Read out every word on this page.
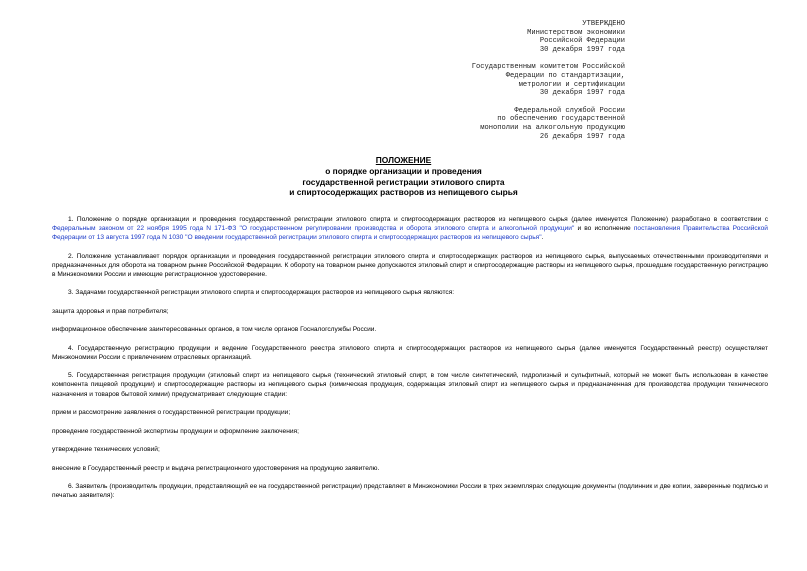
УТВЕРЖДЕНО
Министерством экономики
Российской Федерации
30 декабря 1997 года
Государственным комитетом Российской
Федерации по стандартизации,
метрологии и сертификации
30 декабря 1997 года
Федеральной службой России
по обеспечению государственной
монополии на алкогольную продукцию
26 декабря 1997 года
ПОЛОЖЕНИЕ
о порядке организации и проведения
государственной регистрации этилового спирта
и спиртосодержащих растворов из непищевого сырья

1. Положение о порядке организации и проведения государственной регистрации этилового спирта и спиртосодержащих растворов из непищевого сырья (далее именуется Положение) разработано в соответствии с Федеральным законом от 22 ноября 1995 года N 171-ФЗ "О государственном регулировании производства и оборота этилового спирта и алкогольной продукции" и во исполнение постановления Правительства Российской Федерации от 13 августа 1997 года N 1030 "О введении государственной регистрации этилового спирта и спиртосодержащих растворов из непищевого сырья".

2. Положение устанавливает порядок организации и проведения государственной регистрации этилового спирта и спиртосодержащих растворов из непищевого сырья, выпускаемых отечественными производителями и предназначенных для оборота на товарном рынке Российской Федерации. К обороту на товарном рынке допускаются этиловый спирт и спиртосодержащие растворы из непищевого сырья, прошедшие государственную регистрацию в Минэкономики России и имеющие регистрационное удостоверение.

3. Задачами государственной регистрации этилового спирта и спиртосодержащих растворов из непищевого сырья являются:

защита здоровья и прав потребителя;

информационное обеспечение заинтересованных органов, в том числе органов Госналогслужбы России.

4. Государственную регистрацию продукции и ведение Государственного реестра этилового спирта и спиртосодержащих растворов из непищевого сырья (далее именуется Государственный реестр) осуществляет Минэкономики России с привлечением отраслевых организаций.

5. Государственная регистрация продукции (этиловый спирт из непищевого сырья (технический этиловый спирт, в том числе синтетический, гидролизный и сульфитный, который не может быть использован в качестве компонента пищевой продукции) и спиртосодержащие растворы из непищевого сырья (химическая продукция, содержащая этиловый спирт из непищевого сырья и предназначенная для производства продукции технического назначения и товаров бытовой химии) предусматривает следующие стадии:

прием и рассмотрение заявления о государственной регистрации продукции;

проведение государственной экспертизы продукции и оформление заключения;

утверждение технических условий;

внесение в Государственный реестр и выдача регистрационного удостоверения на продукцию заявителю.

6. Заявитель (производитель продукции, представляющий ее на государственной регистрации) представляет в Минэкономики России в трех экземплярах следующие документы (подлинник и две копии, заверенные подписью и печатью заявителя):
